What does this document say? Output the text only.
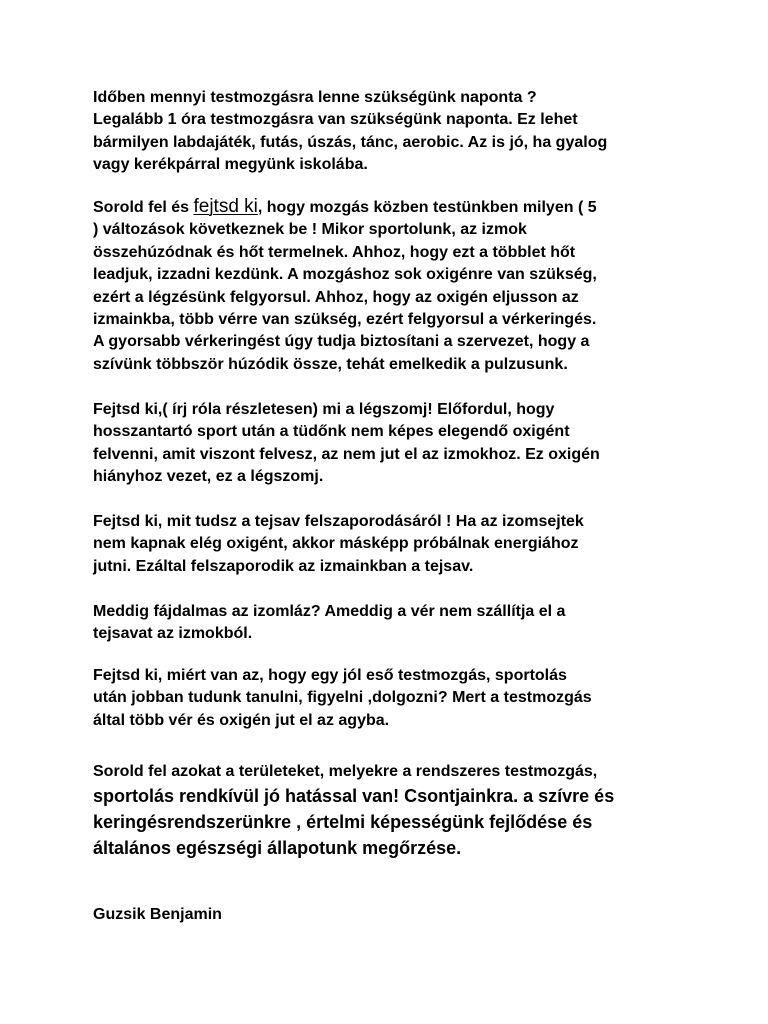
Időben mennyi testmozgásra lenne szükségünk naponta ?
Legalább 1 óra testmozgásra van szükségünk naponta. Ez lehet
bármilyen labdajáték, futás, úszás, tánc, aerobic. Az is jó, ha gyalog
vagy kerékpárral megyünk iskolába.

Sorold fel és fejtsd ki, hogy mozgás közben testünkben milyen ( 5
) változások következnek be ! Mikor sportolunk, az izmok
összehúzódnak és hőt termelnek. Ahhoz, hogy ezt a többlet hőt
leadjuk, izzadni kezdünk. A mozgáshoz sok oxigénre van szükség,
ezért a légzésünk felgyorsul. Ahhoz, hogy az oxigén eljusson az
izmainkba, több vérre van szükség, ezért felgyorsul a vérkeringés.
A gyorsabb vérkeringést úgy tudja biztosítani a szervezet, hogy a
szívünk többször húzódik össze, tehát emelkedik a pulzusunk.

Fejtsd ki,( írj róla részletesen) mi a légszomj! Előfordul, hogy
hosszantartó sport után a tüdőnk nem képes elegendő oxigént
felvenni, amit viszont felvesz, az nem jut el az izmokhoz. Ez oxigén
hiányhoz vezet, ez a légszomj.

Fejtsd ki, mit tudsz a tejsav felszaporodásáról ! Ha az izomsejtek
nem kapnak elég oxigént, akkor másképp próbálnak energiához
jutni. Ezáltal felszaporodik az izmainkban a tejsav.

Meddig fájdalmas az izomláz? Ameddig a vér nem szállítja el a
tejsavat az izmokból.

Fejtsd ki, miért van az, hogy egy jól eső testmozgás, sportolás
után jobban tudunk tanulni, figyelni ,dolgozni? Mert a testmozgás
által több vér és oxigén jut el az agyba.

Sorold fel azokat a területeket, melyekre a rendszeres testmozgás,
sportolás rendkívül jó hatással van! Csontjainkra. a szívre és
keringésrendszerünkre , értelmi képességünk fejlődése és
általános egészségi állapotunk megőrzése.

Guzsik Benjamin
